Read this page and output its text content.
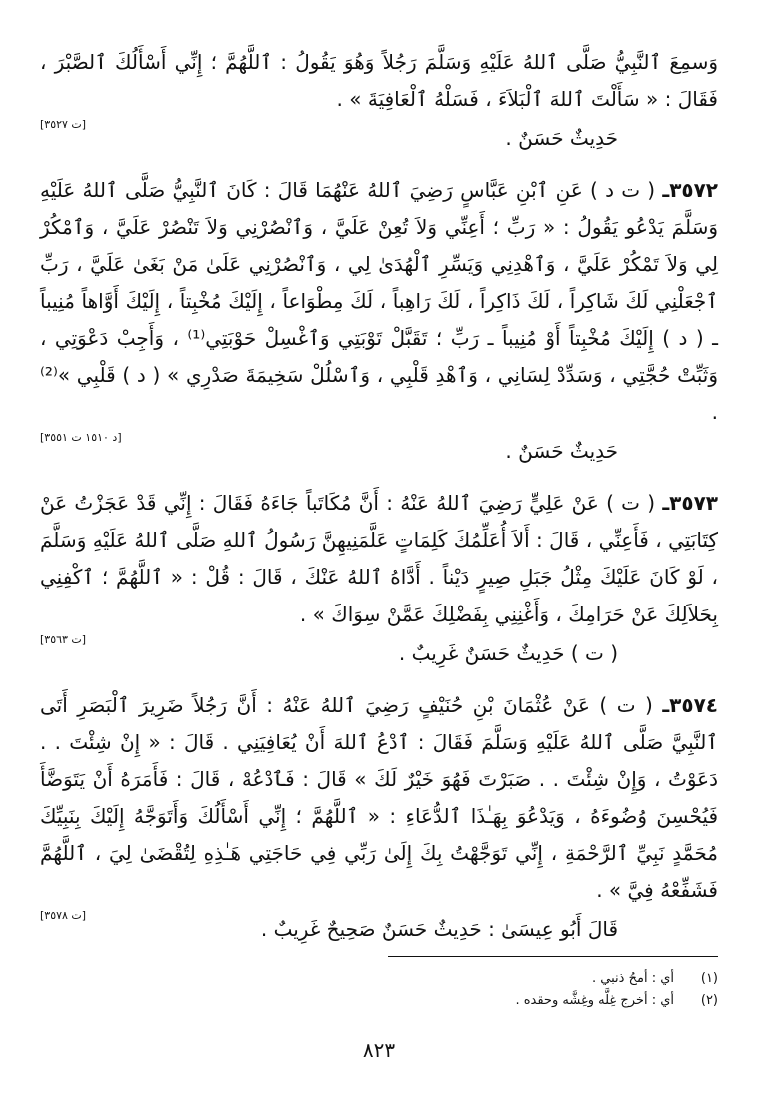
وَسمِعَ ٱلنَّبِيُّ صَلَّى ٱللهُ عَلَيْهِ وَسَلَّمَ رَجُلاً وَهُوَ يَقُولُ : ٱللَّهُمَّ ؛ إِنِّي أَسْأَلُكَ ٱلصَّبْرَ ، فَقَالَ : « سَأَلْتَ ٱللهَ ٱلْبَلاَءَ ، فَسَلْهُ ٱلْعَافِيَةَ » .

حَدِيثٌ حَسَنٌ .
[ت ٣٥٢٧]

٣٥٧٢ـ ( ت د ) عَنِ ٱبْنِ عَبَّاسٍ رَضِيَ ٱللهُ عَنْهُمَا قَالَ : كَانَ ٱلنَّبِيُّ صَلَّى ٱللهُ عَلَيْهِ وَسَلَّمَ يَدْعُو يَقُولُ : « رَبِّ ؛ أَعِنِّي وَلاَ تُعِنْ عَلَيَّ ، وَٱنْصُرْنِي وَلاَ تَنْصُرْ عَلَيَّ ، وَٱمْكُرْ لِي وَلاَ تَمْكُرْ عَلَيَّ ، وَٱهْدِنِي وَيَسِّرِ ٱلْهُدَىٰ لِي ، وَٱنْصُرْنِي عَلَىٰ مَنْ بَغَىٰ عَلَيَّ ، رَبِّ ٱجْعَلْنِي لَكَ شَاكِراً ، لَكَ ذَاكِراً ، لَكَ رَاهِباً ، لَكَ مِطْوَاعاً ، إِلَيْكَ مُخْبِتاً ، إِلَيْكَ أَوَّاهاً مُنِيباً ـ ( د ) إِلَيْكَ مُخْبِتاً أَوْ مُنِيباً ـ رَبِّ ؛ تَقَبَّلْ تَوْبَتِي وَٱغْسِلْ حَوْبَتِي⁽¹⁾ ، وَأَجِبْ دَعْوَتِي ، وَثَبِّتْ حُجَّتِي ، وَسَدِّدْ لِسَانِي ، وَٱهْدِ قَلْبِي ، وَٱسْلُلْ سَخِيمَةَ صَدْرِي » ( د ) قَلْبِي »⁽²⁾ .

حَدِيثٌ حَسَنٌ .
[د ١٥١٠ ت ٣٥٥١]

٣٥٧٣ـ ( ت ) عَنْ عَلِيٍّ رَضِيَ ٱللهُ عَنْهُ : أَنَّ مُكَاتَباً جَاءَهُ فَقَالَ : إِنِّي قَدْ عَجَزْتُ عَنْ كِتَابَتِي ، فَأَعِنِّي ، قَالَ : أَلاَ أُعَلِّمُكَ كَلِمَاتٍ عَلَّمَنِيهِنَّ رَسُولُ ٱللهِ صَلَّى ٱللهُ عَلَيْهِ وَسَلَّمَ ، لَوْ كَانَ عَلَيْكَ مِثْلُ جَبَلِ صِيرٍ دَيْناً . أَدَّاهُ ٱللهُ عَنْكَ ، قَالَ : قُلْ : « ٱللَّهُمَّ ؛ ٱكْفِنِي بِحَلاَلِكَ عَنْ حَرَامِكَ ، وَأَغْنِنِي بِفَضْلِكَ عَمَّنْ سِوَاكَ » .

( ت ) حَدِيثٌ حَسَنٌ غَرِيبٌ .
[ت ٣٥٦٣]

٣٥٧٤ـ ( ت ) عَنْ عُثْمَانَ بْنِ حُنَيْفٍ رَضِيَ ٱللهُ عَنْهُ : أَنَّ رَجُلاً ضَرِيرَ ٱلْبَصَرِ أَتَى ٱلنَّبِيَّ صَلَّى ٱللهُ عَلَيْهِ وَسَلَّمَ فَقَالَ : ٱدْعُ ٱللهَ أَنْ يُعَافِيَنِي . قَالَ : « إِنْ شِئْتَ . . دَعَوْتُ ، وَإِنْ شِئْتَ . . صَبَرْتَ فَهُوَ خَيْرٌ لَكَ » قَالَ : فَٱدْعُهْ ، قَالَ : فَأَمَرَهُ أَنْ يَتَوَضَّأَ فَيُحْسِنَ وُضُوءَهُ ، وَيَدْعُوَ بِهَـٰذَا ٱلدُّعَاءِ : « ٱللَّهُمَّ ؛ إِنِّي أَسْأَلُكَ وَأَتَوَجَّهُ إِلَيْكَ بِنَبِيِّكَ مُحَمَّدٍ نَبِيِّ ٱلرَّحْمَةِ ، إِنِّي تَوَجَّهْتُ بِكَ إِلَىٰ رَبِّي فِي حَاجَتِي هَـٰذِهِ لِتُقْضَىٰ لِيَ ، ٱللَّهُمَّ فَشَفِّعْهُ فِيَّ » .

قَالَ أَبُو عِيسَىٰ : حَدِيثٌ حَسَنٌ صَحِيحٌ غَرِيبٌ .
[ت ٣٥٧٨]
(١)
أي : أمحُ ذنبي .
(٢)
أي : أخرج غِلَّه وغِشَّه وحقده .
٨٢٣
